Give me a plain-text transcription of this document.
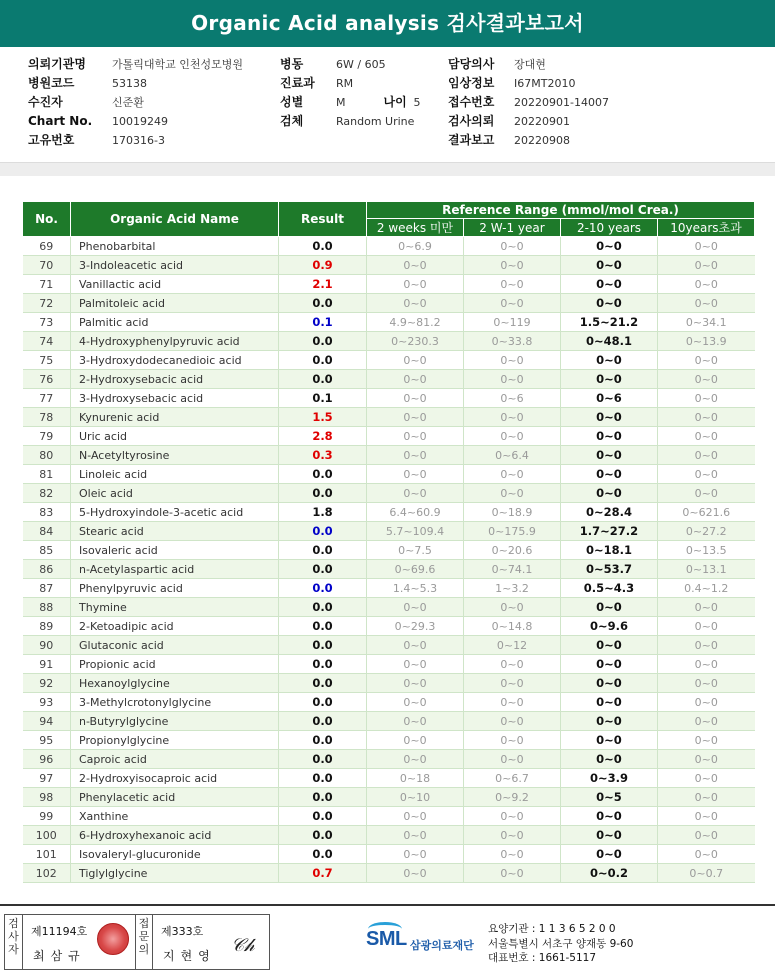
Organic Acid analysis 검사결과보고서
의뢰기관명 가톨릭대학교 인천성모병원
병원코드	53138
수진자	신준환
Chart No. 10019249
고유번호	170316-3
병동	6W / 605
진료과 RM
성별	M	나이 5
검체	Random Urine
담당의사 장대현
임상정보 I67MT2010
접수번호 20220901-14007
검사의뢰 20220901
결과보고 20220908
No.	Organic Acid Name	Result	Reference Range (mmol/mol Crea.)			
			2 weeks 미만	2 W-1 year	2-10 years	10years초과
69	Phenobarbital	0.0	0~6.9	0~0	0~0	0~0
70	3-Indoleacetic acid	0.9	0~0	0~0	0~0	0~0
71	Vanillactic acid	2.1	0~0	0~0	0~0	0~0
72	Palmitoleic acid	0.0	0~0	0~0	0~0	0~0
73	Palmitic acid	0.1	4.9~81.2	0~119	1.5~21.2	0~34.1
74	4-Hydroxyphenylpyruvic acid	0.0	0~230.3	0~33.8	0~48.1	0~13.9
75	3-Hydroxydodecanedioic acid	0.0	0~0	0~0	0~0	0~0
76	2-Hydroxysebacic acid	0.0	0~0	0~0	0~0	0~0
77	3-Hydroxysebacic acid	0.1	0~0	0~6	0~6	0~0
78	Kynurenic acid	1.5	0~0	0~0	0~0	0~0
79	Uric acid	2.8	0~0	0~0	0~0	0~0
80	N-Acetyltyrosine	0.3	0~0	0~6.4	0~0	0~0
81	Linoleic acid	0.0	0~0	0~0	0~0	0~0
82	Oleic acid	0.0	0~0	0~0	0~0	0~0
83	5-Hydroxyindole-3-acetic acid	1.8	6.4~60.9	0~18.9	0~28.4	0~621.6
84	Stearic acid	0.0	5.7~109.4	0~175.9	1.7~27.2	0~27.2
85	Isovaleric acid	0.0	0~7.5	0~20.6	0~18.1	0~13.5
86	n-Acetylaspartic acid	0.0	0~69.6	0~74.1	0~53.7	0~13.1
87	Phenylpyruvic acid	0.0	1.4~5.3	1~3.2	0.5~4.3	0.4~1.2
88	Thymine	0.0	0~0	0~0	0~0	0~0
89	2-Ketoadipic acid	0.0	0~29.3	0~14.8	0~9.6	0~0
90	Glutaconic acid	0.0	0~0	0~12	0~0	0~0
91	Propionic acid	0.0	0~0	0~0	0~0	0~0
92	Hexanoylglycine	0.0	0~0	0~0	0~0	0~0
93	3-Methylcrotonylglycine	0.0	0~0	0~0	0~0	0~0
94	n-Butyrylglycine	0.0	0~0	0~0	0~0	0~0
95	Propionylglycine	0.0	0~0	0~0	0~0	0~0
96	Caproic acid	0.0	0~0	0~0	0~0	0~0
97	2-Hydroxyisocaproic acid	0.0	0~18	0~6.7	0~3.9	0~0
98	Phenylacetic acid	0.0	0~10	0~9.2	0~5	0~0
99	Xanthine	0.0	0~0	0~0	0~0	0~0
100	6-Hydroxyhexanoic acid	0.0	0~0	0~0	0~0	0~0
101	Isovaleryl-glucuronide	0.0	0~0	0~0	0~0	0~0
102	Tiglylglycine	0.7	0~0	0~0	0~0.2	0~0.7
검
사
자
제11194호
최삼규
접
문
의
제333호
지현영 𝒞𝒽	SML 삼광의료재단
요양기관 : 1 1 3 6 5 2 0 0
서울특별시 서초구 양재동 9-60
대표번호 : 1661-5117
